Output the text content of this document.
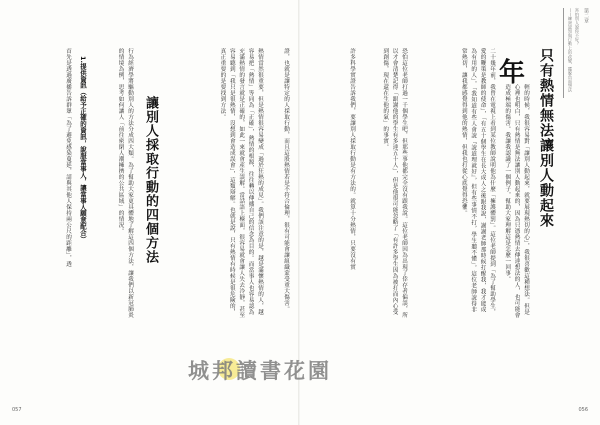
證，也就是讓特定的人採取行動，而且這股熱情若是不符合倫理，很有可能會讓組織蒙受重大傷害。
熱情當然很重要，但是熱情很容易變成「過於狂熱的成見」。我們該注意的是，越是滿懷熱情的人，越容易把「熱情」等同為「正確」，熱情的根源，往往轉以傳播自己的信念為目的。而當事人也容易認為充滿熱情的發言就是正確的，如此一來就會產生誤解。當話語上檯面，很容易就會讓人失去冷靜，甚至容易聽到「我只是很熱情，沒想到會造成誤會」，這類辯解。也就是說，只有熱情有時候是很危險的，真正重要的是要找到方法。
讓別人採取行動的四個方法
行為經濟學將驅動別人的方法分成四大類。為了幫助大家更具體地了解這四個方法，讓我們以新冠肺炎的情境為例，思考如何讓人「前往密閉人潮擁擠的公共區域」的情況。
1.提供資訊（給予正確的資訊，說服當事人，讓當事人願意配合）
首先是透過廣播告訴群眾「為了避免感染蔓延，請與其他人保持兩公尺的距離」，透
057
第二章
害怕別人說你不好？
——練習認知與行動上的改變，擺脫負面想法
只有熱情無法讓別人動起來
年
輕的時候，我很容易對「讓別人動起來，就要展現熱切的心」，我很喜歡這種想法。但是心裡也明白，只有熱情是無法讓別人動起來的，因為只憑熱情去傳達想法的人，也可能會造成極端的傷害。我讓我認識了一個例子，幫助大家理解這是怎麼一回事。
二十幾年前，我曾在電視上看到某位教師說明他為什麼「擁護體罰」。這位老師提到「為了幫助學生，愛的鞭策是教師的使命」，「有五十個學生在長大成人之後跟我說，謝謝老師那時候打醒我，我才能成為有用的人」，「我知道有些人會說『說道理就好』，但有些事情不打，學生聽不懂」。這位老師說得非常熱切，讓我都感覺得到他的熱情，但我也打從心底覺得恐懼。
恐怕這位老師打過一千個學生吧，但那些事他都完全沒有跟我說。這位老師因為出現了倖存者偏誤，所以才會清楚記得「跟謝他的學生有多達五十人」，但是他很可能忽略了「有許多學生因為被打而內心受到創傷，現在還在生他的氣」的事實。
許多科學實證告訴我們，要讓別人採取行動是有方法的。就算十分熱情，只要沒有實
056
城邦讀書花園
